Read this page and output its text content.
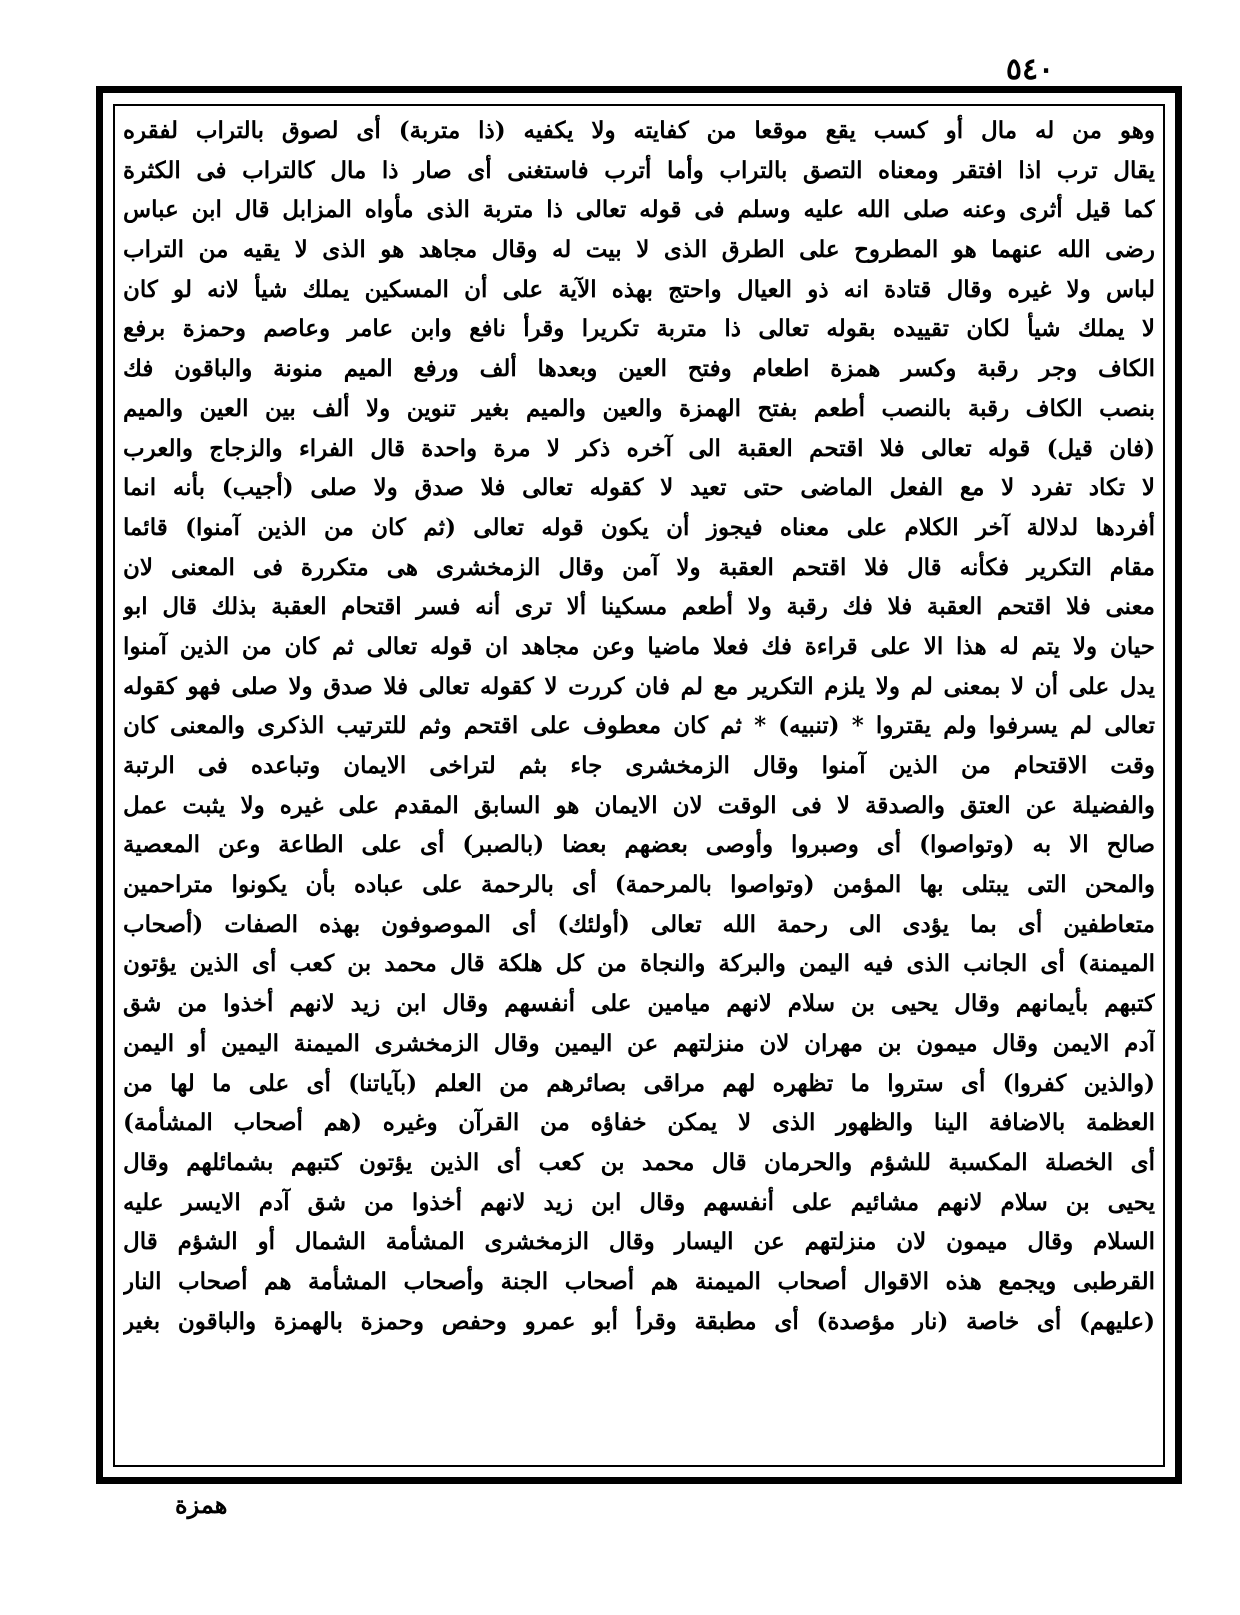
٥٤٠
وهو من له مال أو كسب يقع موقعا من كفايته ولا يكفيه (ذا متربة) أى لصوق بالتراب لفقره
يقال ترب اذا افتقر ومعناه التصق بالتراب وأما أترب فاستغنى أى صار ذا مال كالتراب فى الكثرة
كما قيل أثرى وعنه صلى الله عليه وسلم فى قوله تعالى ذا متربة الذى مأواه المزابل قال ابن عباس
رضى الله عنهما هو المطروح على الطرق الذى لا بيت له وقال مجاهد هو الذى لا يقيه من التراب
لباس ولا غيره وقال قتادة انه ذو العيال واحتج بهذه الآية على أن المسكين يملك شيأ لانه لو كان
لا يملك شيأ لكان تقييده بقوله تعالى ذا متربة تكريرا وقرأ نافع وابن عامر وعاصم وحمزة برفع
الكاف وجر رقبة وكسر همزة اطعام وفتح العين وبعدها ألف ورفع الميم منونة والباقون فك
بنصب الكاف رقبة بالنصب أطعم بفتح الهمزة والعين والميم بغير تنوين ولا ألف بين العين والميم
(فان قيل) قوله تعالى فلا اقتحم العقبة الى آخره ذكر لا مرة واحدة قال الفراء والزجاج والعرب
لا تكاد تفرد لا مع الفعل الماضى حتى تعيد لا كقوله تعالى فلا صدق ولا صلى (أجيب) بأنه انما
أفردها لدلالة آخر الكلام على معناه فيجوز أن يكون قوله تعالى (ثم كان من الذين آمنوا) قائما
مقام التكرير فكأنه قال فلا اقتحم العقبة ولا آمن وقال الزمخشرى هى متكررة فى المعنى لان
معنى فلا اقتحم العقبة فلا فك رقبة ولا أطعم مسكينا ألا ترى أنه فسر اقتحام العقبة بذلك قال ابو
حيان ولا يتم له هذا الا على قراءة فك فعلا ماضيا وعن مجاهد ان قوله تعالى ثم كان من الذين آمنوا
يدل على أن لا بمعنى لم ولا يلزم التكرير مع لم فان كررت لا كقوله تعالى فلا صدق ولا صلى فهو كقوله
تعالى لم يسرفوا ولم يقتروا * (تنبيه) * ثم كان معطوف على اقتحم وثم للترتيب الذكرى والمعنى كان
وقت الاقتحام من الذين آمنوا وقال الزمخشرى جاء بثم لتراخى الايمان وتباعده فى الرتبة
والفضيلة عن العتق والصدقة لا فى الوقت لان الايمان هو السابق المقدم على غيره ولا يثبت عمل
صالح الا به (وتواصوا) أى وصبروا وأوصى بعضهم بعضا (بالصبر) أى على الطاعة وعن المعصية
والمحن التى يبتلى بها المؤمن (وتواصوا بالمرحمة) أى بالرحمة على عباده بأن يكونوا متراحمين
متعاطفين أى بما يؤدى الى رحمة الله تعالى (أولئك) أى الموصوفون بهذه الصفات (أصحاب
الميمنة) أى الجانب الذى فيه اليمن والبركة والنجاة من كل هلكة قال محمد بن كعب أى الذين يؤتون
كتبهم بأيمانهم وقال يحيى بن سلام لانهم ميامين على أنفسهم وقال ابن زيد لانهم أخذوا من شق
آدم الايمن وقال ميمون بن مهران لان منزلتهم عن اليمين وقال الزمخشرى الميمنة اليمين أو اليمن
(والذين كفروا) أى ستروا ما تظهره لهم مراقى بصائرهم من العلم (بآياتنا) أى على ما لها من
العظمة بالاضافة الينا والظهور الذى لا يمكن خفاؤه من القرآن وغيره (هم أصحاب المشأمة)
أى الخصلة المكسبة للشؤم والحرمان قال محمد بن كعب أى الذين يؤتون كتبهم بشمائلهم وقال
يحيى بن سلام لانهم مشائيم على أنفسهم وقال ابن زيد لانهم أخذوا من شق آدم الايسر عليه
السلام وقال ميمون لان منزلتهم عن اليسار وقال الزمخشرى المشأمة الشمال أو الشؤم قال
القرطبى ويجمع هذه الاقوال أصحاب الميمنة هم أصحاب الجنة وأصحاب المشأمة هم أصحاب النار
(عليهم) أى خاصة (نار مؤصدة) أى مطبقة وقرأ أبو عمرو وحفص وحمزة بالهمزة والباقون بغير
همزة
